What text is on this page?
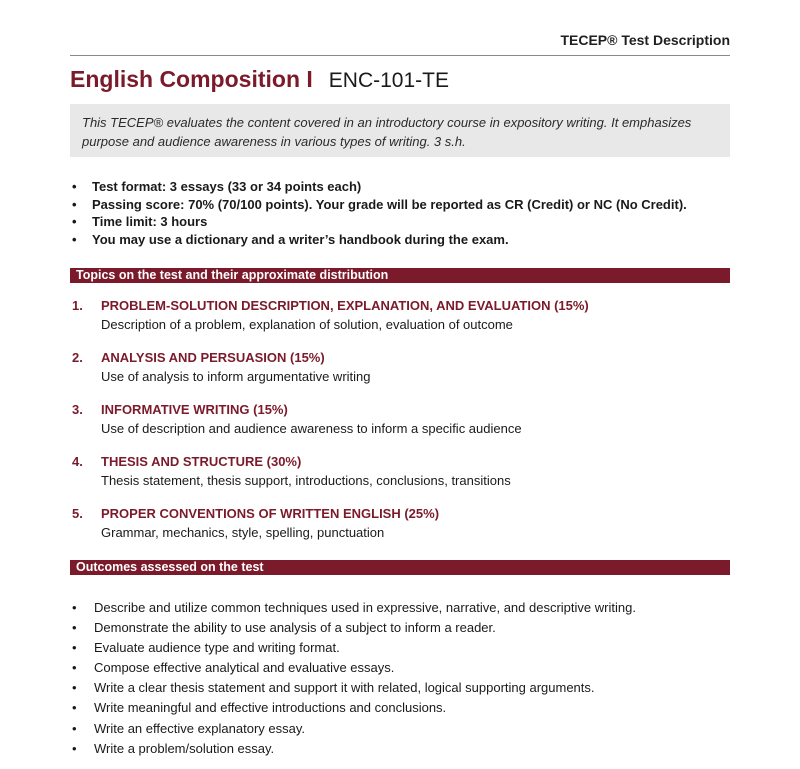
TECEP® Test Description
English Composition I ENC-101-TE
This TECEP® evaluates the content covered in an introductory course in expository writing. It emphasizes purpose and audience awareness in various types of writing. 3 s.h.
• Test format: 3 essays (33 or 34 points each)
• Passing score: 70% (70/100 points). Your grade will be reported as CR (Credit) or NC (No Credit).
• Time limit: 3 hours
• You may use a dictionary and a writer’s handbook during the exam.
Topics on the test and their approximate distribution
1. PROBLEM-SOLUTION DESCRIPTION, EXPLANATION, AND EVALUATION (15%)
Description of a problem, explanation of solution, evaluation of outcome
2. ANALYSIS AND PERSUASION (15%)
Use of analysis to inform argumentative writing
3. INFORMATIVE WRITING (15%)
Use of description and audience awareness to inform a specific audience
4. THESIS AND STRUCTURE (30%)
Thesis statement, thesis support, introductions, conclusions, transitions
5. PROPER CONVENTIONS OF WRITTEN ENGLISH (25%)
Grammar, mechanics, style, spelling, punctuation
Outcomes assessed on the test
• Describe and utilize common techniques used in expressive, narrative, and descriptive writing.
• Demonstrate the ability to use analysis of a subject to inform a reader.
• Evaluate audience type and writing format.
• Compose effective analytical and evaluative essays.
• Write a clear thesis statement and support it with related, logical supporting arguments.
• Write meaningful and effective introductions and conclusions.
• Write an effective explanatory essay.
• Write a problem/solution essay.
